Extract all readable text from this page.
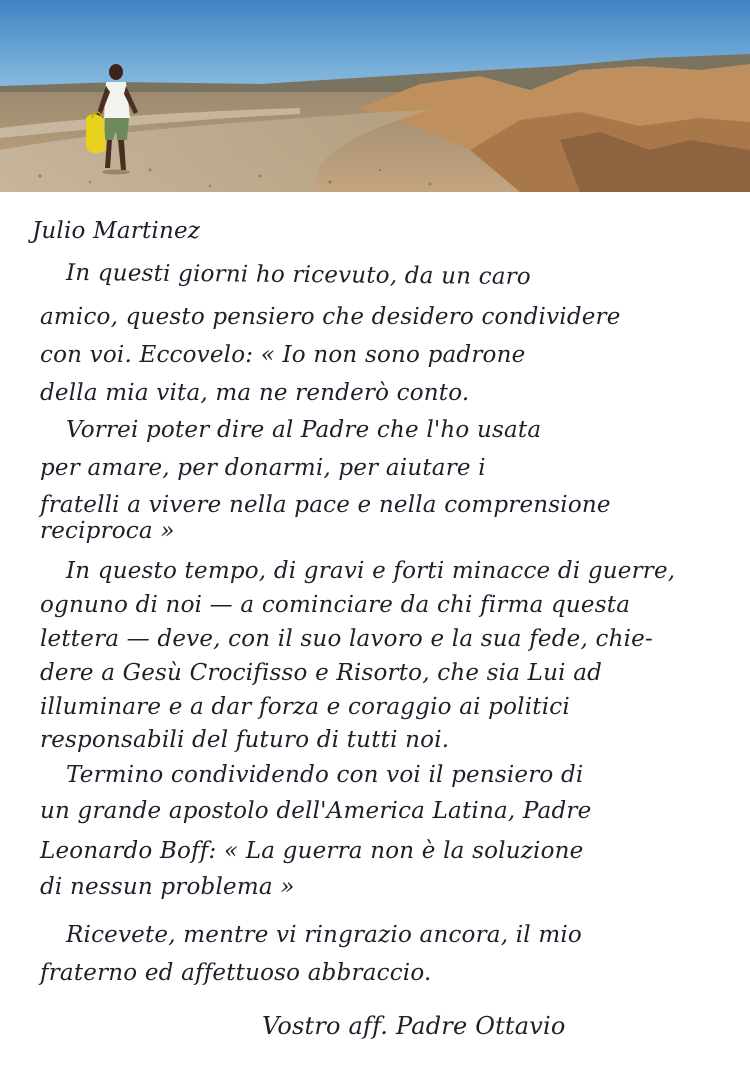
Julio Martinez

In questi giorni ho ricevuto, da un caro

amico, questo pensiero che desidero condividere

con voi. Eccovelo: « Io non sono padrone

della mia vita, ma ne renderò conto.

Vorrei poter dire al Padre che l'ho usata

per amare, per donarmi, per aiutare i

fratelli a vivere nella pace e nella comprensione

reciproca »

In questo tempo, di gravi e forti minacce di guerre,

ognuno di noi — a cominciare da chi firma questa

lettera — deve, con il suo lavoro e la sua fede, chie-

dere a Gesù Crocifisso e Risorto, che sia Lui ad

illuminare e a dar forza e coraggio ai politici

responsabili del futuro di tutti noi.

Termino condividendo con voi il pensiero di

un grande apostolo dell'America Latina, Padre

Leonardo Boff: « La guerra non è la soluzione

di nessun problema »

Ricevete, mentre vi ringrazio ancora, il mio

fraterno ed affettuoso abbraccio.

Vostro aff. Padre Ottavio
